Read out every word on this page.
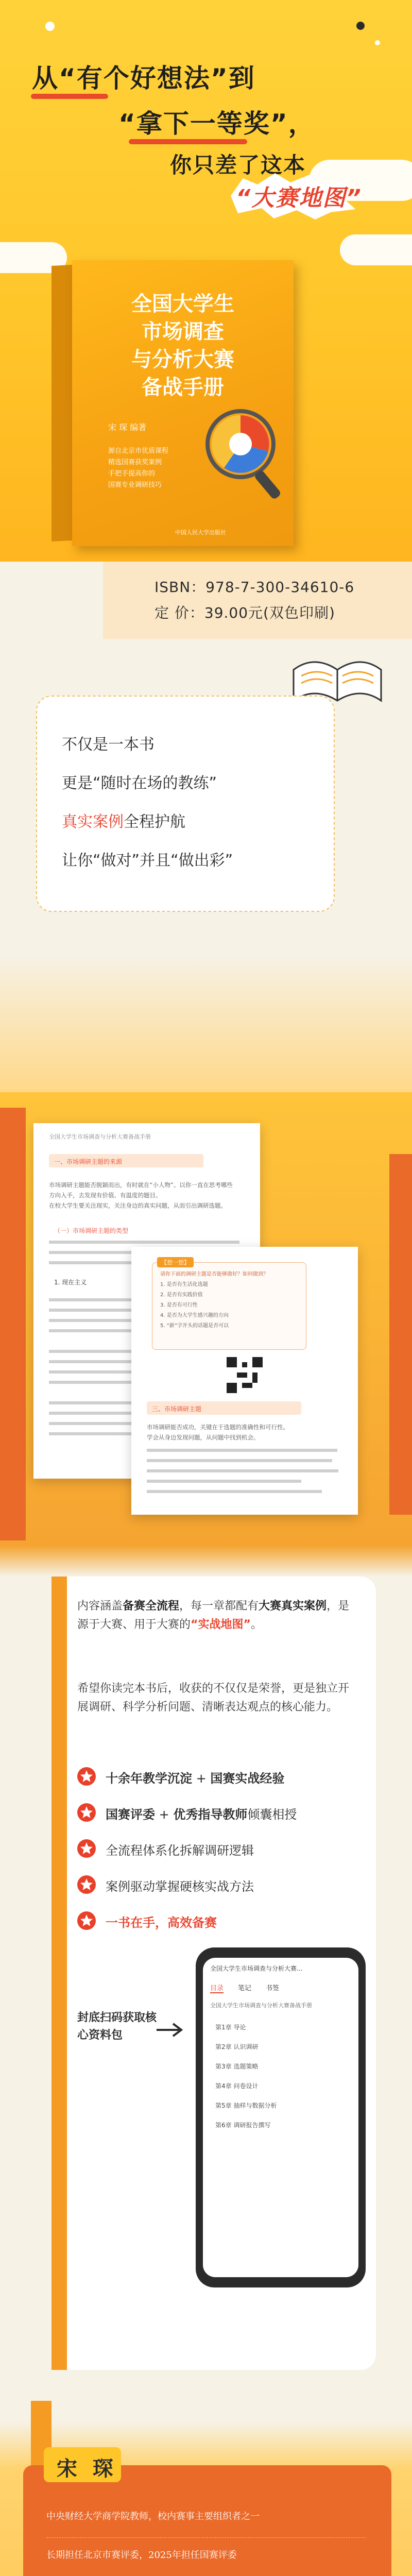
从“有个好想法”到
“拿下一等奖”，
你只差了这本
“大赛地图”
全国大学生
市场调查
与分析大赛
备战手册
宋 琛 编著
源自北京市优质课程
精选国赛获奖案例
手把手提高你的
国赛专业调研技巧
中国人民大学出版社
ISBN：978-7-300-34610-6
定 价：39.00元(双色印刷)
不仅是一本书
更是“随时在场的教练”
真实案例全程护航
让你“做对”并且“做出彩”
全国大学生市场调查与分析大赛备战手册
一、市场调研主题的来源
市场调研主题能否脱颖而出，有时就在“小人物”。以你一直在思考哪些
方向入手，去发现有价值、有温度的题目。
在校大学生要关注现实，关注身边的真实问题，从而引出调研选题。
（一）市场调研主题的类型
1. 现在主义
【想一想】
请你下面的调研主题是否能够做好？如何做到？
1. 是否有生活化选题
2. 是否有实践价值
3. 是否有可行性
4. 是否为大学生感兴趣的方向
5. “新”字开头的话题是否可以
三、市场调研主题
市场调研能否成功，关键在于选题的准确性和可行性。
学会从身边发现问题，从问题中找到机会。
内容涵盖备赛全流程，每一章都配有大赛真实案例，是源于大赛、用于大赛的“实战地图”。
希望你读完本书后，收获的不仅仅是荣誉，更是独立开展调研、科学分析问题、清晰表达观点的核心能力。
十余年教学沉淀 + 国赛实战经验
国赛评委 + 优秀指导教师倾囊相授
全流程体系化拆解调研逻辑
案例驱动掌握硬核实战方法
一书在手，高效备赛
封底扫码获取核心资料包
全国大学生市场调查与分析大赛...
目录 笔记 书签
全国大学生市场调查与分析大赛备战手册
第1章 导论
第2章 认识调研
第3章 选题策略
第4章 问卷设计
第5章 抽样与数据分析
第6章 调研报告撰写
宋 琛
中央财经大学商学院教师，校内赛事主要组织者之一
长期担任北京市赛评委，2025年担任国赛评委
